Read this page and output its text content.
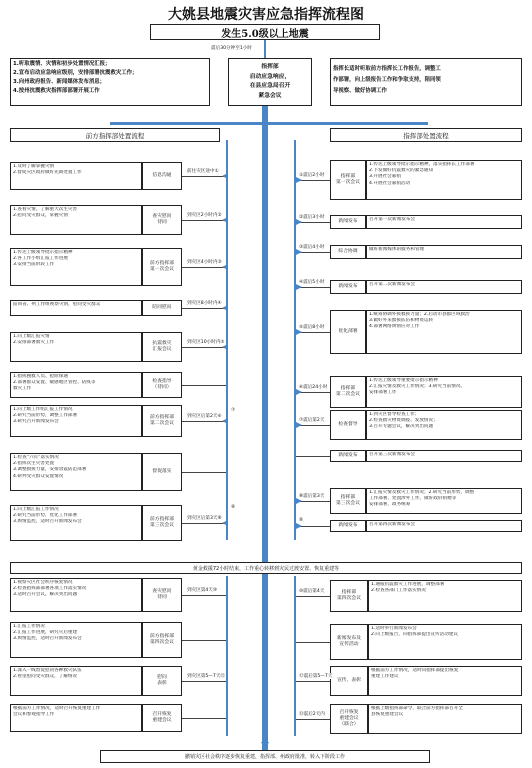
大姚县地震灾害应急指挥流程图
发生5.0级以上地震
震后30分钟至1小时
1.听取震情、灾情和初步处置情况汇报；
2.宣布启动应急响应级别，安排部署抗震救灾工作；
3.向州政府报告、新闻媒体发布消息；
4.按州抗震救灾指挥部部署开展工作
指挥部
启动应急响应，
在县应急局召开
紧急会议
指挥长适时听取前方指挥长工作报告，调整工
作部署，向上级报告工作和争取支持，陪同领
导视察、做好协调工作
前方指挥部处置流程	指挥部处置流程
1.及时了解掌握灾情
2.督促灾区政府做好先期处置工作
信息沟通
前往灾区途中①
1.查看灾情，了解重大次生灾害
2.慰问受灾群众，掌握灾情	查灾慰问
待同
到灾区2小时内②
1.传达上级领导批示指示精神
2.各工作小组汇报工作进展
3.安排当前阶段工作	前方指挥部
第一次会议
到灾区4小时内③
陪同省、州工作组视察灾情，慰问受灾群众
陪同慰问
到灾区8小时内④
1.向上级汇报灾情
2.安排部署救灾工作	抗震救灾
汇报会议
到灾区10小时内⑤
1.指挥搜救人员、抢险保通
2.部署群众安置、敏感地区管控、防疫等
救灾工作
检查指导
（待同）
1.向上级工作组汇报工作情况
2.研究当前形势，调整工作部署
3.研究召开新闻发布会
前方指挥部
第二次会议
到灾区后第2天⑥
1.检查“六有”落实情况
2.指挥次生灾害处置
3.调整救援力量，安排余震防范部署
4.研判受灾群众安置情况
督促落实
1.向上级汇报工作情况
2.研究当前形势，优化工作部署
3.舆情监控，适时召开新闻发布会	前方指挥部
第三次会议
到灾区后第3天⑧
指挥部
第一次会议
1.传达上级领导批示指示精神，落实指挥长工作部署
2.下发做好抗震救灾的紧急通知
3.开展社会募捐
4.开展社会募捐活动
①震后2小时
新闻发布 召开第一次新闻发布会
②震后3小时
综合协调 做好新闻媒体的服务和管理
③震后4小时
新闻发布 召开第二次新闻发布会
④震后5小时
优化部署
1.统筹协调外援救援力量；2.启动市县群区域救治
3.做好外来救援队伍和物资运转
4.部署网络舆情应对工作
⑤震后8小时
指挥部
第二次会议
1.传达上级领导重要批示指示精神
2.汇报灾情及救灾工作情况；3.研究当前情况、
安排部署工作
⑥震后24小时
检查督导
1.到灾区督导检查工作；
2.检查救灾物资调拨、发放情况；
3.召开专题会议，解决突出问题
⑦震后第2天
新闻发布 召开第三次新闻发布会
指挥部
第三次会议
1.汇报灾情及救灾工作情况；2.研究当前形势，调整
工作部署，处置涉外工作，做好政府捐赠等
安排部署，政务统筹
⑧震后第3天
新闻发布 召开第四次新闻发布会
⑨
⑦
⑨
黄金救援72小时结束，工作重心转移到灾民过渡安置、恢复重建等
1.视察灾区社会秩序恢复情况
2.检查指挥部部署各项工作落实情况
3.适时召开会议，解决突出问题
查灾慰问
待同
到灾区第4天⑩
1.汇报工作情况
2.汇报工作进展，研究灾后重建
3.舆情监控，适时召开新闻发布会	前方指挥部
第四次会议
1.深入一线督促慰问各种救灾队伍
2.看望慰问受灾群众，了解情况	慰问
表彰
到灾区第5—7天⑫
根据前方工作情况，适时召开恢复重建工作
会议和参观指导工作	召开恢复
重建会议
指挥部
第四次会议
1.通报抗震救灾工作进展，调整部署
2.检查各部门工作落实情况
⑩震后第4天
新闻发布及
宣传活动
1.适时举行新闻发布会
2.向上级报告，向指挥部提出宣传活动建议
宣传、表彰
根据前方工作情况，适时向指挥部提出恢复
重建工作建议
⑫震后第5—7天
召开恢复
重建会议
（联合）
根据上级指挥部命令，联合前方指挥部召开全
县恢复重建会议
⑬震后2天内
撤销灾区社会秩序逐步恢复重建，指挥部、州政府批准，转入下阶段工作
